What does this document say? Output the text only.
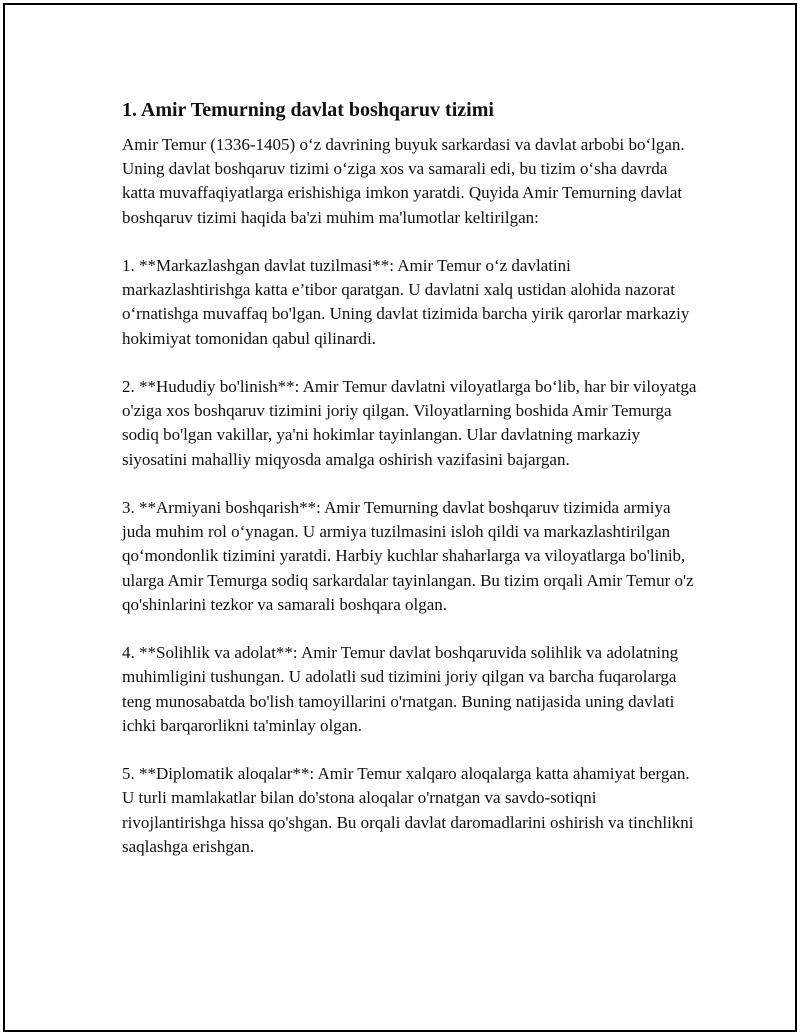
1. Amir Temurning davlat boshqaruv tizimi

Amir Temur (1336-1405) o‘z davrining buyuk sarkardasi va davlat arbobi bo‘lgan. Uning davlat boshqaruv tizimi o‘ziga xos va samarali edi, bu tizim o‘sha davrda katta muvaffaqiyatlarga erishishiga imkon yaratdi. Quyida Amir Temurning davlat boshqaruv tizimi haqida ba'zi muhim ma'lumotlar keltirilgan:

1. **Markazlashgan davlat tuzilmasi**: Amir Temur o‘z davlatini markazlashtirishga katta e’tibor qaratgan. U davlatni xalq ustidan alohida nazorat o‘rnatishga muvaffaq bo'lgan. Uning davlat tizimida barcha yirik qarorlar markaziy hokimiyat tomonidan qabul qilinardi.

2. **Hududiy bo'linish**: Amir Temur davlatni viloyatlarga bo‘lib, har bir viloyatga o'ziga xos boshqaruv tizimini joriy qilgan. Viloyatlarning boshida Amir Temurga sodiq bo'lgan vakillar, ya'ni hokimlar tayinlangan. Ular davlatning markaziy siyosatini mahalliy miqyosda amalga oshirish vazifasini bajargan.

3. **Armiyani boshqarish**: Amir Temurning davlat boshqaruv tizimida armiya juda muhim rol o‘ynagan. U armiya tuzilmasini isloh qildi va markazlashtirilgan qo‘mondonlik tizimini yaratdi. Harbiy kuchlar shaharlarga va viloyatlarga bo'linib, ularga Amir Temurga sodiq sarkardalar tayinlangan. Bu tizim orqali Amir Temur o'z qo'shinlarini tezkor va samarali boshqara olgan.

4. **Solihlik va adolat**: Amir Temur davlat boshqaruvida solihlik va adolatning muhimligini tushungan. U adolatli sud tizimini joriy qilgan va barcha fuqarolarga teng munosabatda bo'lish tamoyillarini o'rnatgan. Buning natijasida uning davlati ichki barqarorlikni ta'minlay olgan.

5. **Diplomatik aloqalar**: Amir Temur xalqaro aloqalarga katta ahamiyat bergan. U turli mamlakatlar bilan do'stona aloqalar o'rnatgan va savdo-sotiqni rivojlantirishga hissa qo'shgan. Bu orqali davlat daromadlarini oshirish va tinchlikni saqlashga erishgan.
